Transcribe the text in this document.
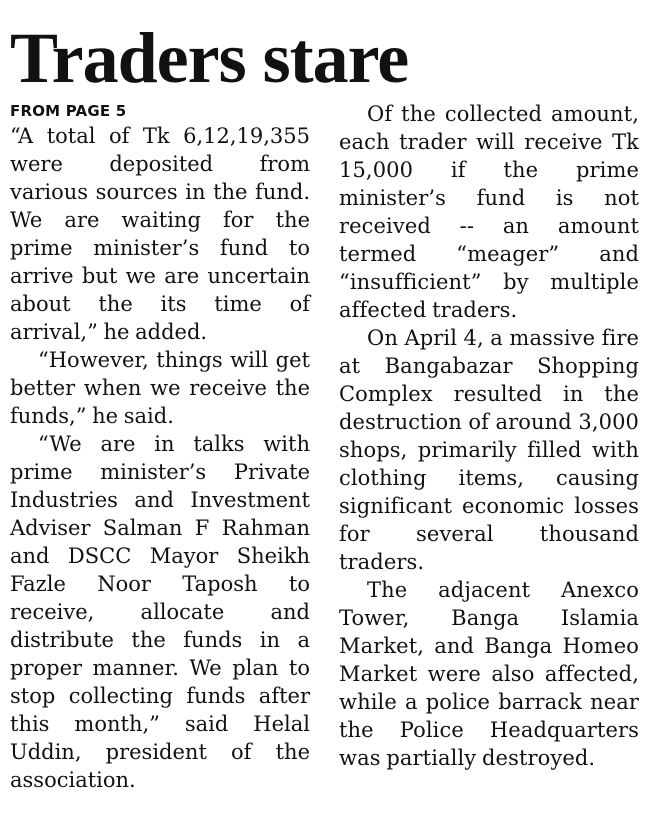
Traders stare

FROM PAGE 5

“A total of Tk 6,12,19,355 were deposited from various sources in the fund. We are waiting for the prime minister’s fund to arrive but we are uncertain about the its time of arrival,” he added.

“However, things will get better when we receive the funds,” he said.

“We are in talks with prime minister’s Private Industries and Investment Adviser Salman F Rahman and DSCC Mayor Sheikh Fazle Noor Taposh to receive, allocate and distribute the funds in a proper manner. We plan to stop collecting funds after this month,” said Helal Uddin, president of the association.

Of the collected amount, each trader will receive Tk 15,000 if the prime minister’s fund is not received -- an amount termed “meager” and “insufficient” by multiple affected traders.

On April 4, a massive fire at Bangabazar Shopping Complex resulted in the destruction of around 3,000 shops, primarily filled with clothing items, causing significant economic losses for several thousand traders.

The adjacent Anexco Tower, Banga Islamia Market, and Banga Homeo Market were also affected, while a police barrack near the Police Headquarters was partially destroyed.
